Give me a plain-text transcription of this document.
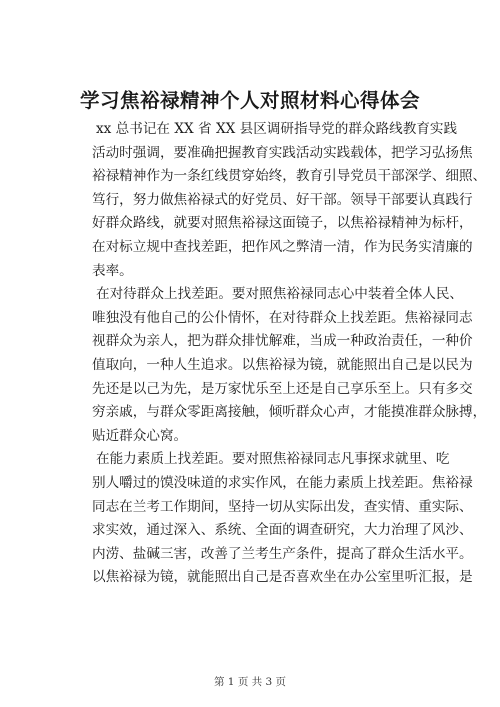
学习焦裕禄精神个人对照材料心得体会
xx 总书记在 XX 省 XX 县区调研指导党的群众路线教育实践
活动时强调，要准确把握教育实践活动实践载体，把学习弘扬焦
裕禄精神作为一条红线贯穿始终，教育引导党员干部深学、细照、
笃行，努力做焦裕禄式的好党员、好干部。领导干部要认真践行
好群众路线，就要对照焦裕禄这面镜子，以焦裕禄精神为标杆，
在对标立规中查找差距，把作风之弊清一清，作为民务实清廉的
表率。
在对待群众上找差距。要对照焦裕禄同志心中装着全体人民、
唯独没有他自己的公仆情怀，在对待群众上找差距。焦裕禄同志
视群众为亲人，把为群众排忧解难，当成一种政治责任，一种价
值取向，一种人生追求。以焦裕禄为镜，就能照出自己是以民为
先还是以己为先，是万家忧乐至上还是自己享乐至上。只有多交
穷亲戚，与群众零距离接触，倾听群众心声，才能摸准群众脉搏，
贴近群众心窝。
在能力素质上找差距。要对照焦裕禄同志凡事探求就里、吃
别人嚼过的馍没味道的求实作风，在能力素质上找差距。焦裕禄
同志在兰考工作期间，坚持一切从实际出发，查实情、重实际、
求实效，通过深入、系统、全面的调查研究，大力治理了风沙、
内涝、盐碱三害，改善了兰考生产条件，提高了群众生活水平。
以焦裕禄为镜，就能照出自己是否喜欢坐在办公室里听汇报，是
第 1 页 共 3 页
